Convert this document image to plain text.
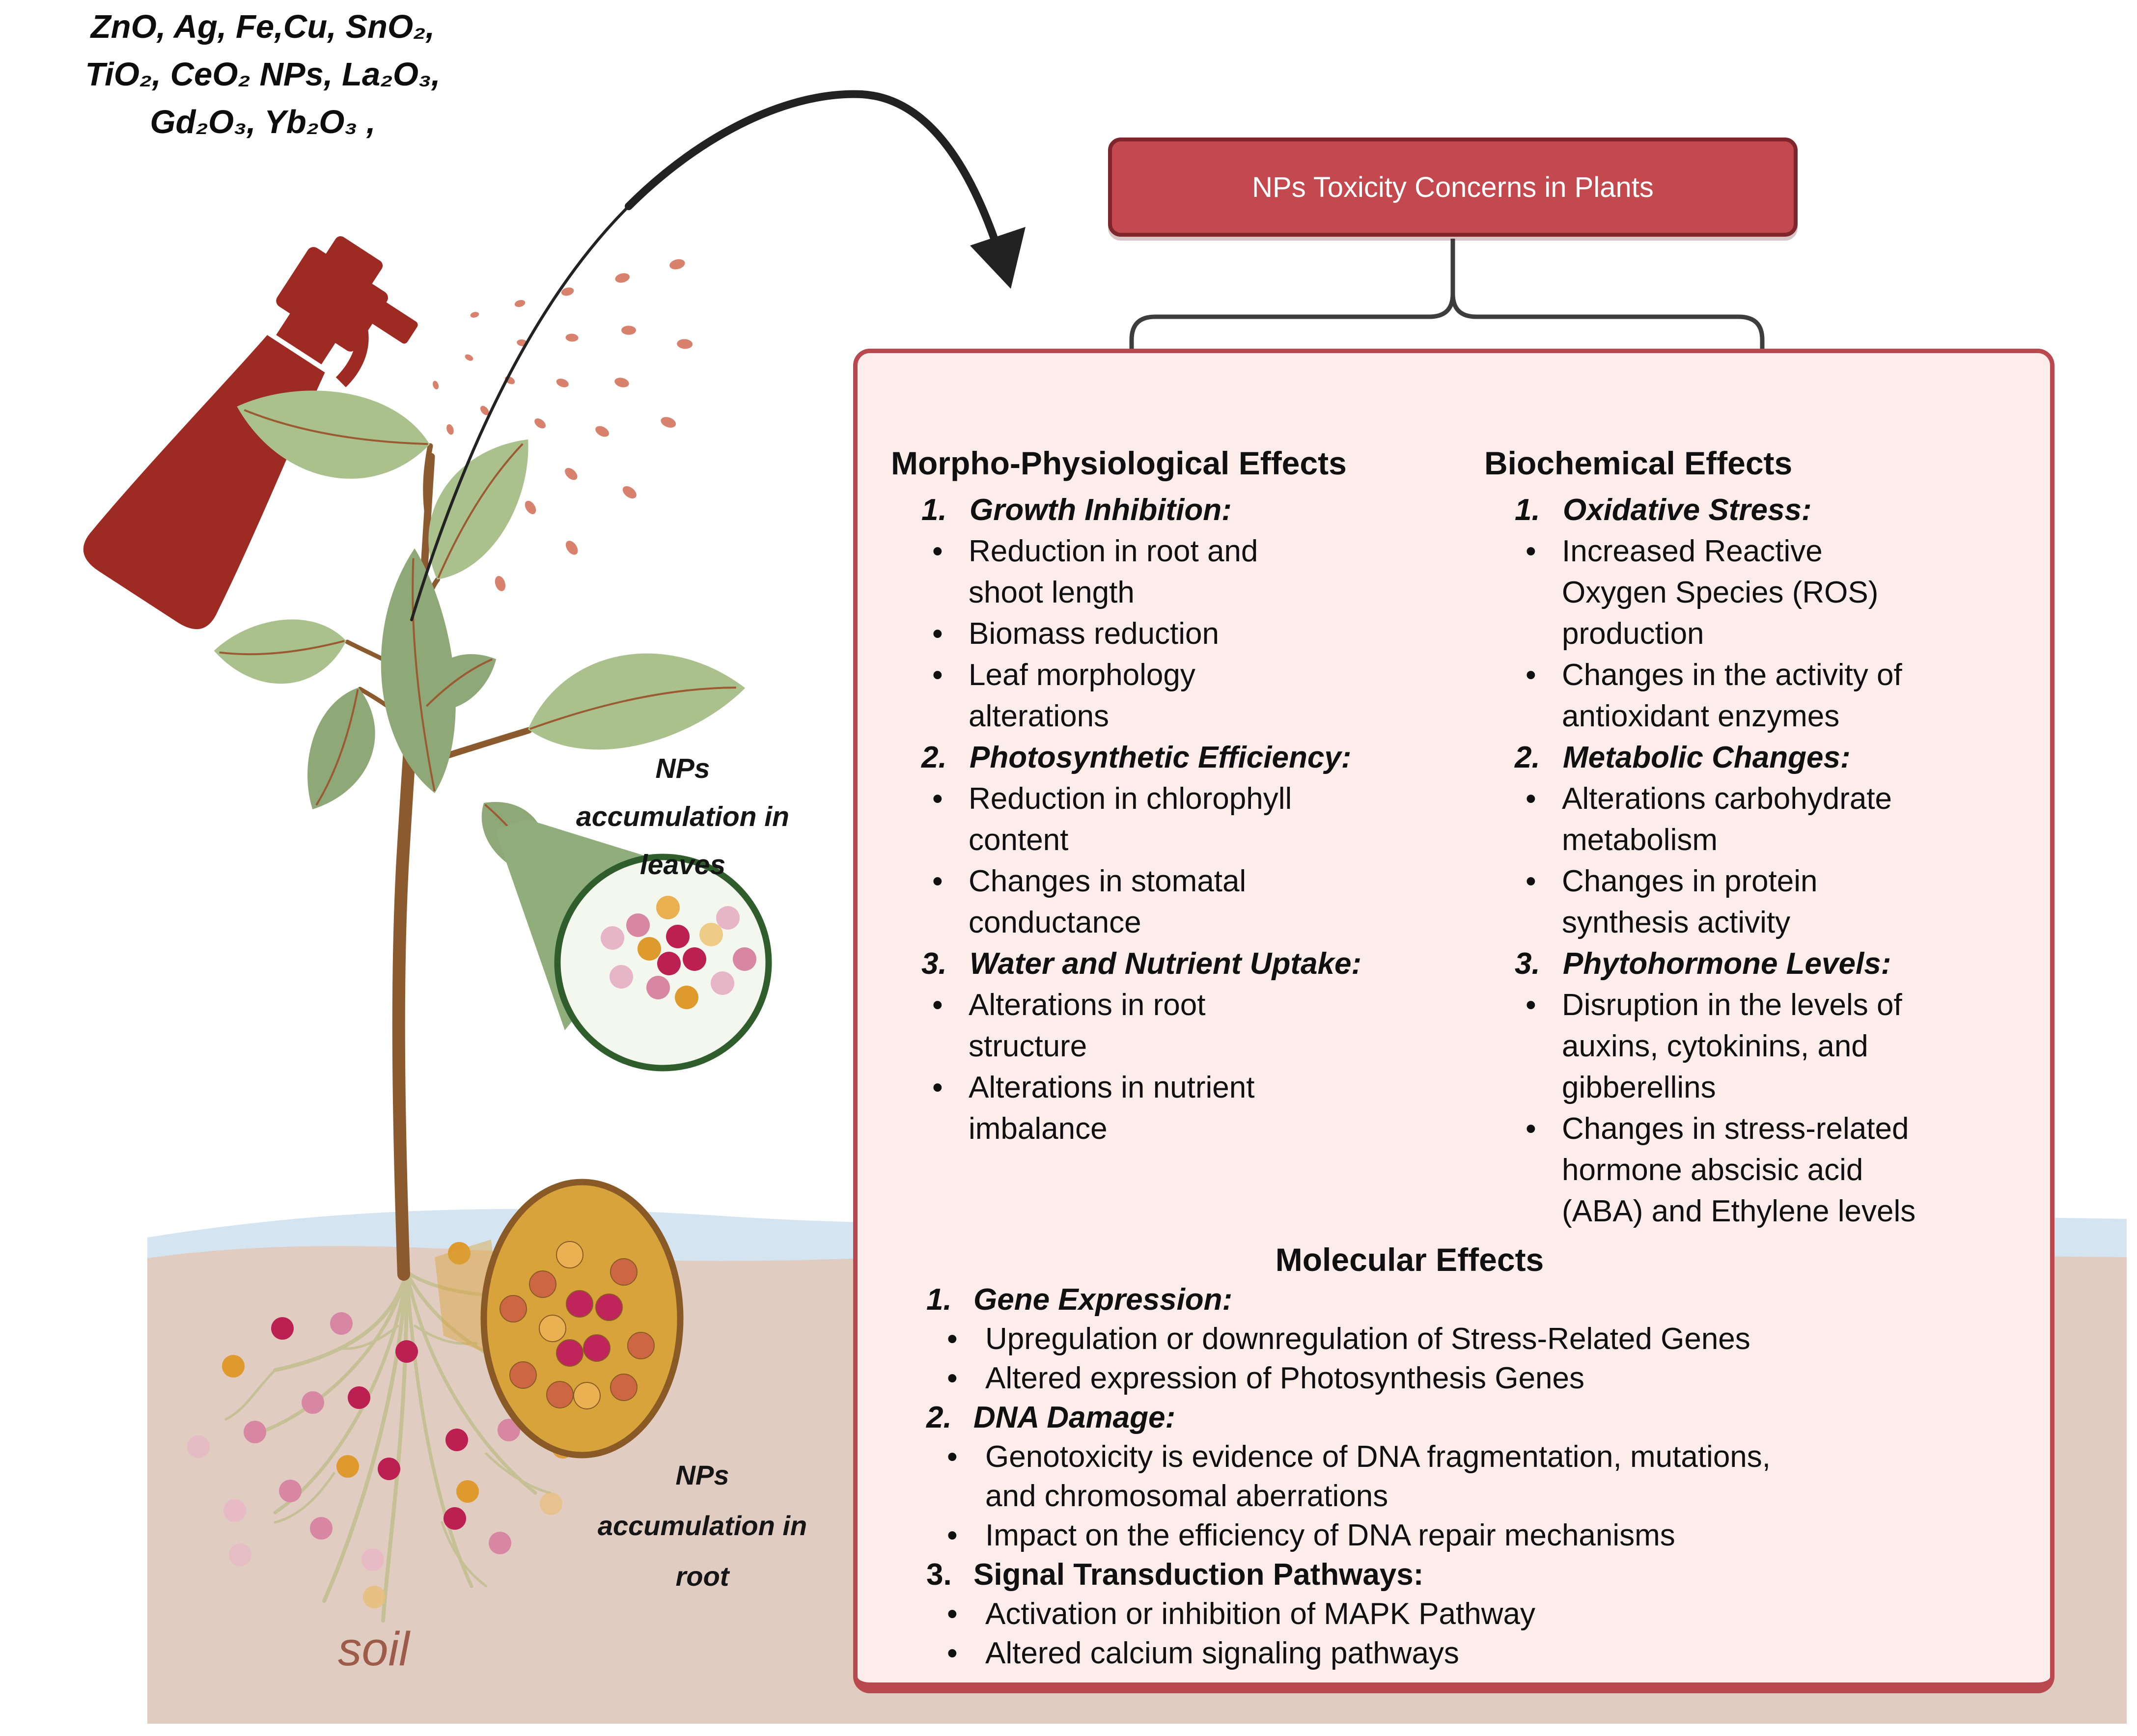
ZnO, Ag, Fe,Cu, SnO₂,
TiO₂, CeO₂ NPs, La₂O₃,
Gd₂O₃, Yb₂O₃ ,
NPs Toxicity Concerns in Plants
NPs
accumulation in
leaves
NPs
accumulation in
root
soil
Morpho-Physiological Effects
1. Growth Inhibition:
•
Reduction in root and shoot length
•
Biomass reduction
•
Leaf morphology alterations
2. Photosynthetic Efficiency:
•
Reduction in chlorophyll content
•
Changes in stomatal conductance
3. Water and Nutrient Uptake:
•
Alterations in root structure
•
Alterations in nutrient imbalance
Biochemical Effects
1. Oxidative Stress:
•
Increased Reactive Oxygen Species (ROS) production
•
Changes in the activity of antioxidant enzymes
2. Metabolic Changes:
•
Alterations carbohydrate metabolism
•
Changes in protein synthesis activity
3. Phytohormone Levels:
•
Disruption in the levels of auxins, cytokinins, and gibberellins
•
Changes in stress-related hormone abscisic acid (ABA) and Ethylene levels
Molecular Effects
1. Gene Expression:
•
Upregulation or downregulation of Stress-Related Genes
•
Altered expression of Photosynthesis Genes
2. DNA Damage:
•
Genotoxicity is evidence of DNA fragmentation, mutations, and chromosomal aberrations
•
Impact on the efficiency of DNA repair mechanisms
3. Signal Transduction Pathways:
•
Activation or inhibition of MAPK Pathway
•
Altered calcium signaling pathways
